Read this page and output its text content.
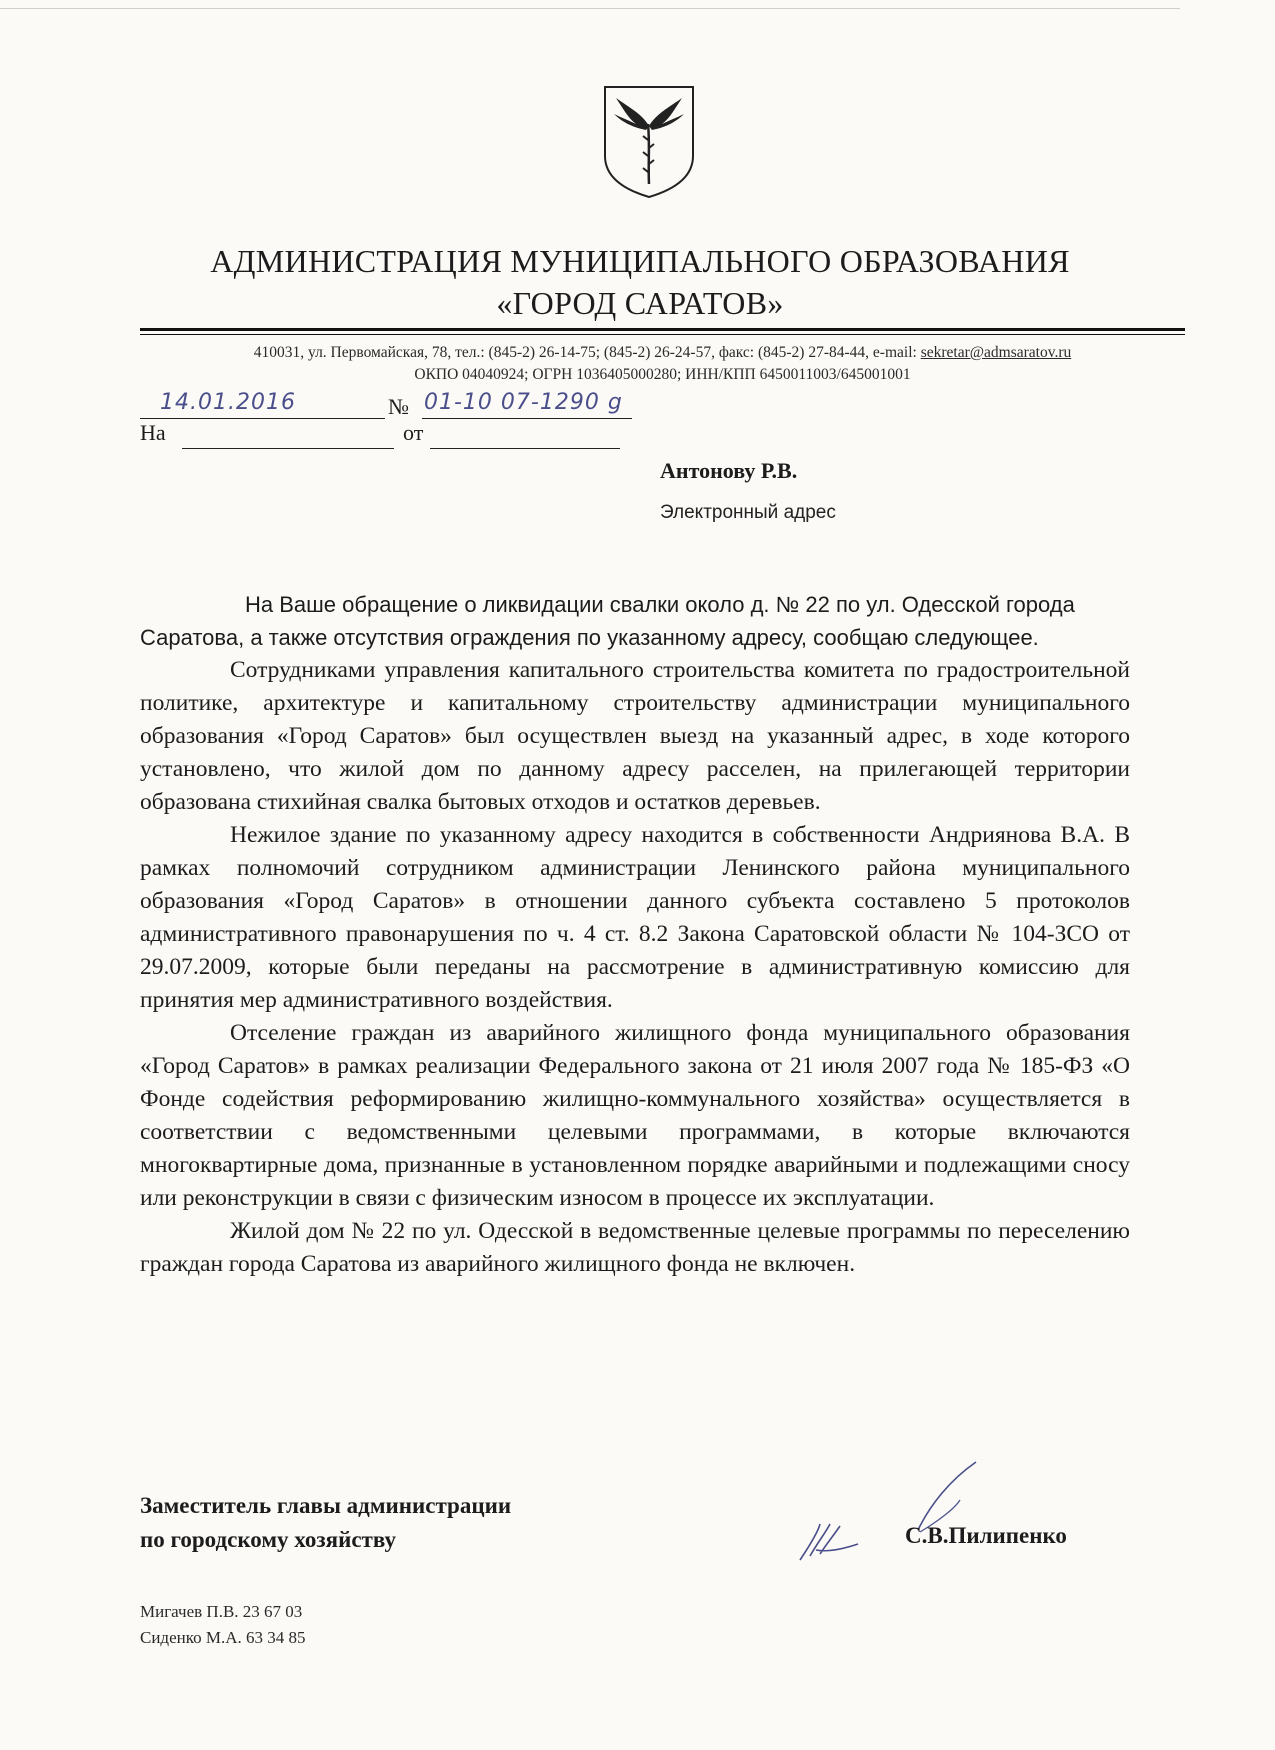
АДМИНИСТРАЦИЯ МУНИЦИПАЛЬНОГО ОБРАЗОВАНИЯ
«ГОРОД САРАТОВ»
410031, ул. Первомайская, 78, тел.: (845-2) 26-14-75; (845-2) 26-24-57, факс: (845-2) 27-84-44, e-mail: sekretar@admsaratov.ru
ОКПО 04040924; ОГРН 1036405000280; ИНН/КПП 6450011003/645001001
14.01.2016	№ 01-10 07-1290 g
На	от
Антонову Р.В.
Электронный адрес

На Ваше обращение о ликвидации свалки около д. № 22 по ул. Одесской города Саратова, а также отсутствия ограждения по указанному адресу, сообщаю следующее.

Сотрудниками управления капитального строительства комитета по градостроительной политике, архитектуре и капитальному строительству администрации муниципального образования «Город Саратов» был осуществлен выезд на указанный адрес, в ходе которого установлено, что жилой дом по данному адресу расселен, на прилегающей территории образована стихийная свалка бытовых отходов и остатков деревьев.

Нежилое здание по указанному адресу находится в собственности Андриянова В.А. В рамках полномочий сотрудником администрации Ленинского района муниципального образования «Город Саратов» в отношении данного субъекта составлено 5 протоколов административного правонарушения по ч. 4 ст. 8.2 Закона Саратовской области № 104-ЗСО от 29.07.2009, которые были переданы на рассмотрение в административную комиссию для принятия мер административного воздействия.

Отселение граждан из аварийного жилищного фонда муниципального образования «Город Саратов» в рамках реализации Федерального закона от 21 июля 2007 года № 185-ФЗ «О Фонде содействия реформированию жилищно-коммунального хозяйства» осуществляется в соответствии с ведомственными целевыми программами, в которые включаются многоквартирные дома, признанные в установленном порядке аварийными и подлежащими сносу или реконструкции в связи с физическим износом в процессе их эксплуатации.

Жилой дом № 22 по ул. Одесской в ведомственные целевые программы по переселению граждан города Саратова из аварийного жилищного фонда не включен.

Заместитель главы администрации
по городскому хозяйству	С.В.Пилипенко
Мигачев П.В. 23 67 03
Сиденко М.А. 63 34 85
